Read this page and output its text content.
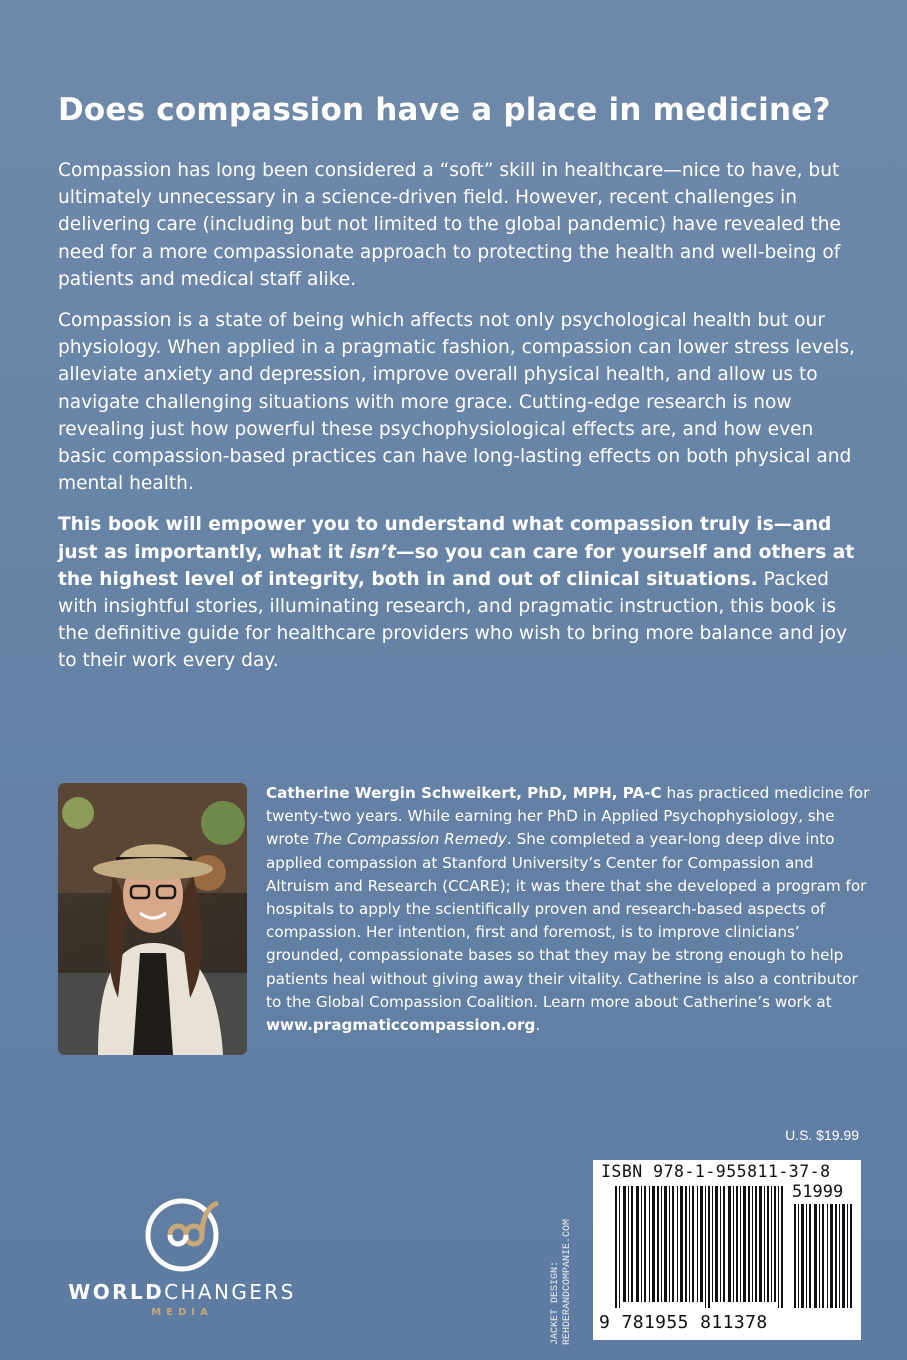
Does compassion have a place in medicine?

Compassion has long been considered a “soft” skill in healthcare—nice to have, but ultimately unnecessary in a science-driven field. However, recent challenges in delivering care (including but not limited to the global pandemic) have revealed the need for a more compassionate approach to protecting the health and well-being of patients and medical staff alike.

Compassion is a state of being which affects not only psychological health but our physiology. When applied in a pragmatic fashion, compassion can lower stress levels, alleviate anxiety and depression, improve overall physical health, and allow us to navigate challenging situations with more grace. Cutting-edge research is now revealing just how powerful these psychophysiological effects are, and how even basic compassion-based practices can have long-lasting effects on both physical and mental health.

This book will empower you to understand what compassion truly is—and just as importantly, what it isn’t—so you can care for yourself and others at the highest level of integrity, both in and out of clinical situations. Packed with insightful stories, illuminating research, and pragmatic instruction, this book is the definitive guide for healthcare providers who wish to bring more balance and joy to their work every day.

Catherine Wergin Schweikert, PhD, MPH, PA-C has practiced medicine for twenty-two years. While earning her PhD in Applied Psychophysiology, she wrote The Compassion Remedy. She completed a year-long deep dive into applied compassion at Stanford University’s Center for Compassion and Altruism and Research (CCARE); it was there that she developed a program for hospitals to apply the scientifically proven and research-based aspects of compassion. Her intention, first and foremost, is to improve clinicians’ grounded, compassionate bases so that they may be strong enough to help patients heal without giving away their vitality. Catherine is also a contributor to the Global Compassion Coalition. Learn more about Catherine’s work at www.pragmaticcompassion.org.
U.S. $19.99
JACKET DESIGN:
REHDERANDCOMPANIE.COM
ISBN 978-1-955811-37-8
51999
9 781955 811378
WORLDCHANGERS
MEDIA
